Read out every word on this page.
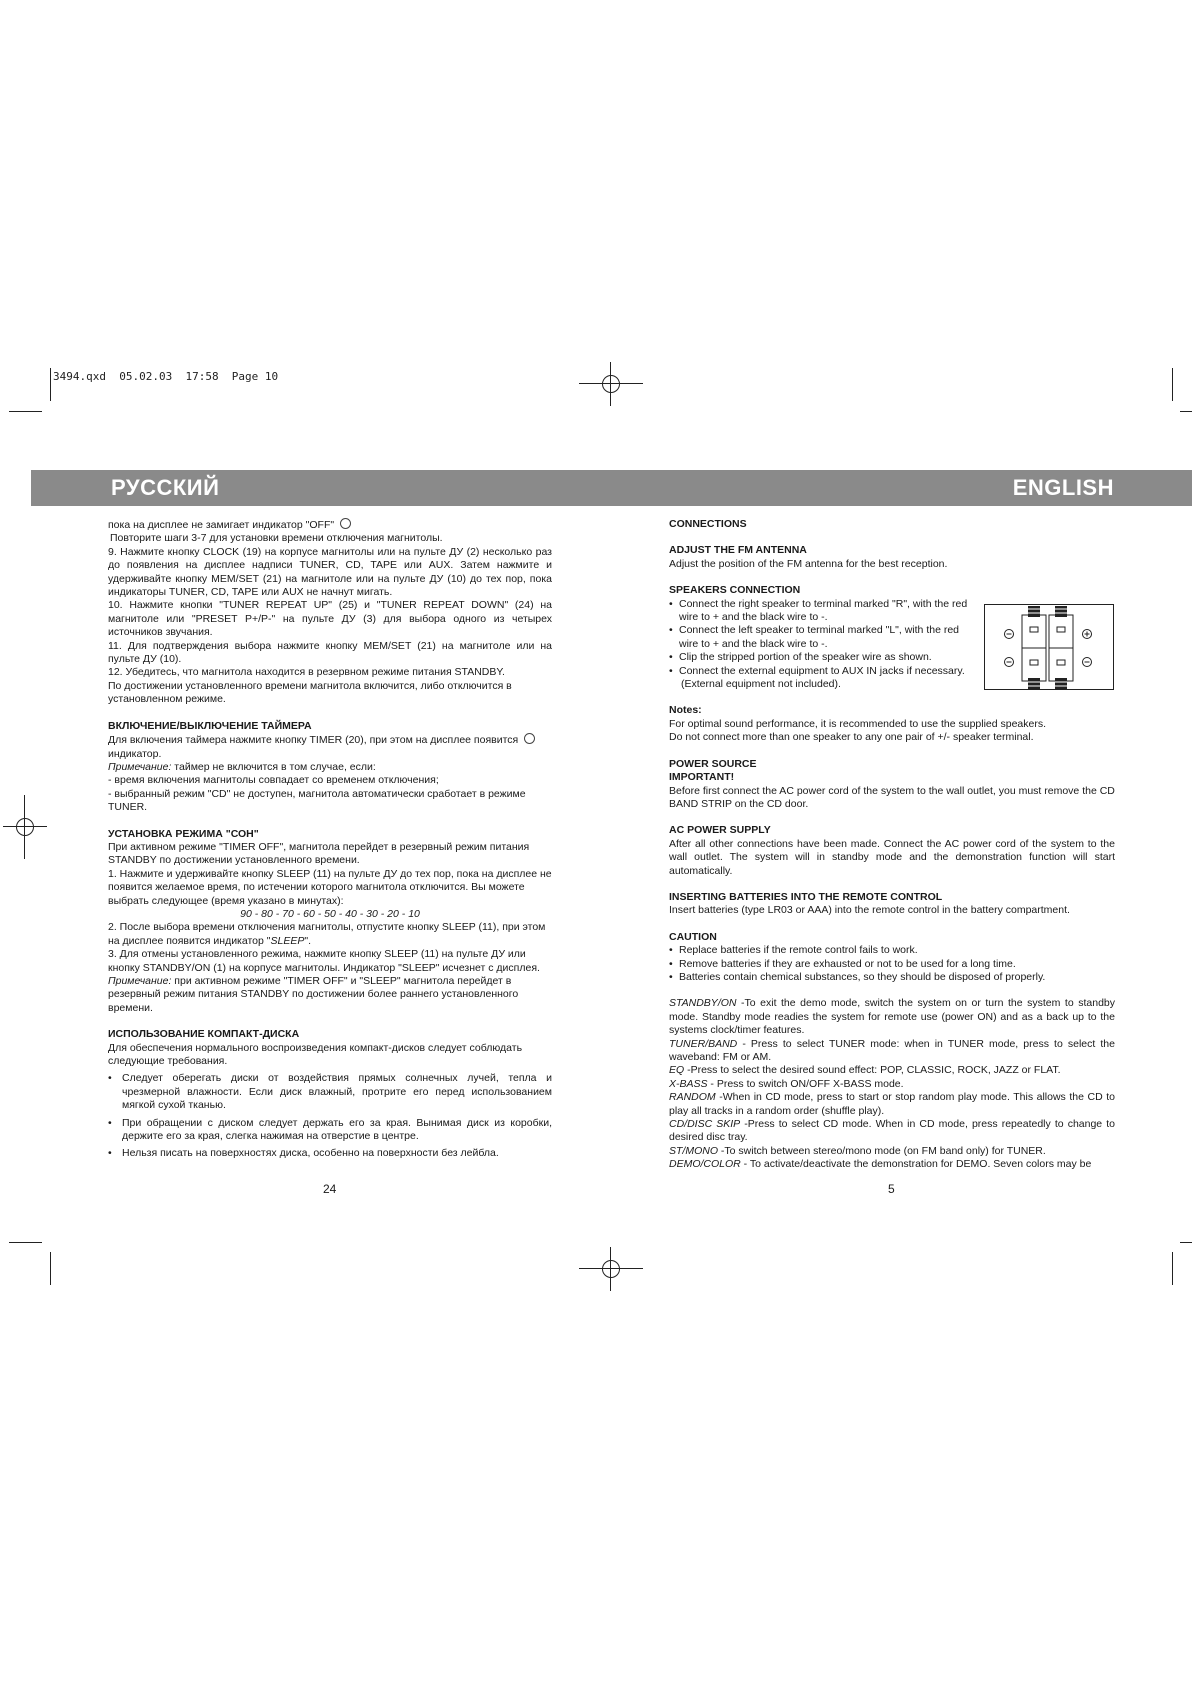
3494.qxd  05.02.03  17:58  Page 10
РУССКИЙ	ENGLISH

пока на дисплее не замигает индикатор "OFF"

Повторите шаги 3-7 для установки времени отключения магнитолы.

9. Нажмите кнопку CLOCK (19) на корпусе магнитолы или на пульте ДУ (2) несколько раз до появления на дисплее надписи TUNER, CD, TAPE или AUX. Затем нажмите и удерживайте кнопку MEM/SET (21) на магнитоле или на пульте ДУ (10) до тех пор, пока индикаторы TUNER, CD, TAPE или AUX не начнут мигать.

10. Нажмите кнопки "TUNER REPEAT UP" (25) и "TUNER REPEAT DOWN" (24) на магнитоле или "PRESET P+/P-" на пульте ДУ (3) для выбора одного из четырех источников звучания.

11. Для подтверждения выбора нажмите кнопку MEM/SET (21) на магнитоле или на пульте ДУ (10).

12. Убедитесь, что магнитола находится в резервном режиме питания STANDBY.

По достижении установленного времени магнитола включится, либо отключится в установленном режиме.

ВКЛЮЧЕНИЕ/ВЫКЛЮЧЕНИЕ ТАЙМЕРА

Для включения таймера нажмите кнопку TIMER (20), при этом на дисплее появится

индикатор.

Примечание: таймер не включится в том случае, если:

- время включения магнитолы совпадает со временем отключения;

- выбранный режим "CD" не доступен, магнитола автоматически сработает в режиме TUNER.

УСТАНОВКА РЕЖИМА "СОН"

При активном режиме "TIMER OFF", магнитола перейдет в резервный режим питания STANDBY по достижении установленного времени.

1. Нажмите и удерживайте кнопку SLEEP (11) на пульте ДУ до тех пор, пока на дисплее не появится желаемое время, по истечении которого магнитола отключится. Вы можете выбрать следующее (время указано в минутах):

90 - 80 - 70 - 60 - 50 - 40 - 30 - 20 - 10

2. После выбора времени отключения магнитолы, отпустите кнопку SLEEP (11), при этом на дисплее появится индикатор "SLEEP".

3. Для отмены установленного режима, нажмите кнопку SLEEP (11) на пульте ДУ или кнопку STANDBY/ON (1) на корпусе магнитолы. Индикатор "SLEEP" исчезнет с дисплея.

Примечание: при активном режиме "TIMER OFF" и "SLEEP" магнитола перейдет в резервный режим питания STANDBY по достижении более раннего установленного времени.

ИСПОЛЬЗОВАНИЕ КОМПАКТ-ДИСКА

Для обеспечения нормального воспроизведения компакт-дисков следует соблюдать следующие требования.

• Следует оберегать диски от воздействия прямых солнечных лучей, тепла и чрезмерной влажности. Если диск влажный, протрите его перед использованием мягкой сухой тканью.

• При обращении с диском следует держать его за края. Вынимая диск из коробки, держите его за края, слегка нажимая на отверстие в центре.

• Нельзя писать на поверхностях диска, особенно на поверхности без лейбла.

24

CONNECTIONS

ADJUST THE FM ANTENNA

Adjust the position of the FM antenna for the best reception.

SPEAKERS CONNECTION

• Connect the right speaker to terminal marked "R", with the red wire to + and the black wire to -.

• Connect the left speaker to terminal marked "L", with the red wire to + and the black wire to -.

• Clip the stripped portion of the speaker wire as shown.

• Connect the external equipment to AUX IN jacks if necessary.

(External equipment not included).

Notes:

For optimal sound performance, it is recommended to use the supplied speakers.

Do not connect more than one speaker to any one pair of +/- speaker terminal.

POWER SOURCE

IMPORTANT!

Before first connect the AC power cord of the system to the wall outlet, you must remove the CD BAND STRIP on the CD door.

AC POWER SUPPLY

After all other connections have been made. Connect the AC power cord of the system to the wall outlet. The system will in standby mode and the demonstration function will start automatically.

INSERTING BATTERIES INTO THE REMOTE CONTROL

Insert batteries (type LR03 or AAA) into the remote control in the battery compartment.

CAUTION

• Replace batteries if the remote control fails to work.

• Remove batteries if they are exhausted or not to be used for a long time.

• Batteries contain chemical substances, so they should be disposed of properly.

STANDBY/ON -To exit the demo mode, switch the system on or turn the system to standby mode. Standby mode readies the system for remote use (power ON) and as a back up to the systems clock/timer features.

TUNER/BAND - Press to select TUNER mode: when in TUNER mode, press to select the waveband: FM or AM.

EQ -Press to select the desired sound effect: POP, CLASSIC, ROCK, JAZZ or FLAT.

X-BASS - Press to switch ON/OFF X-BASS mode.

RANDOM -When in CD mode, press to start or stop random play mode. This allows the CD to play all tracks in a random order (shuffle play).

CD/DISC SKIP -Press to select CD mode. When in CD mode, press repeatedly to change to desired disc tray.

ST/MONO -To switch between stereo/mono mode (on FM band only) for TUNER.

DEMO/COLOR - To activate/deactivate the demonstration for DEMO. Seven colors may be

5
